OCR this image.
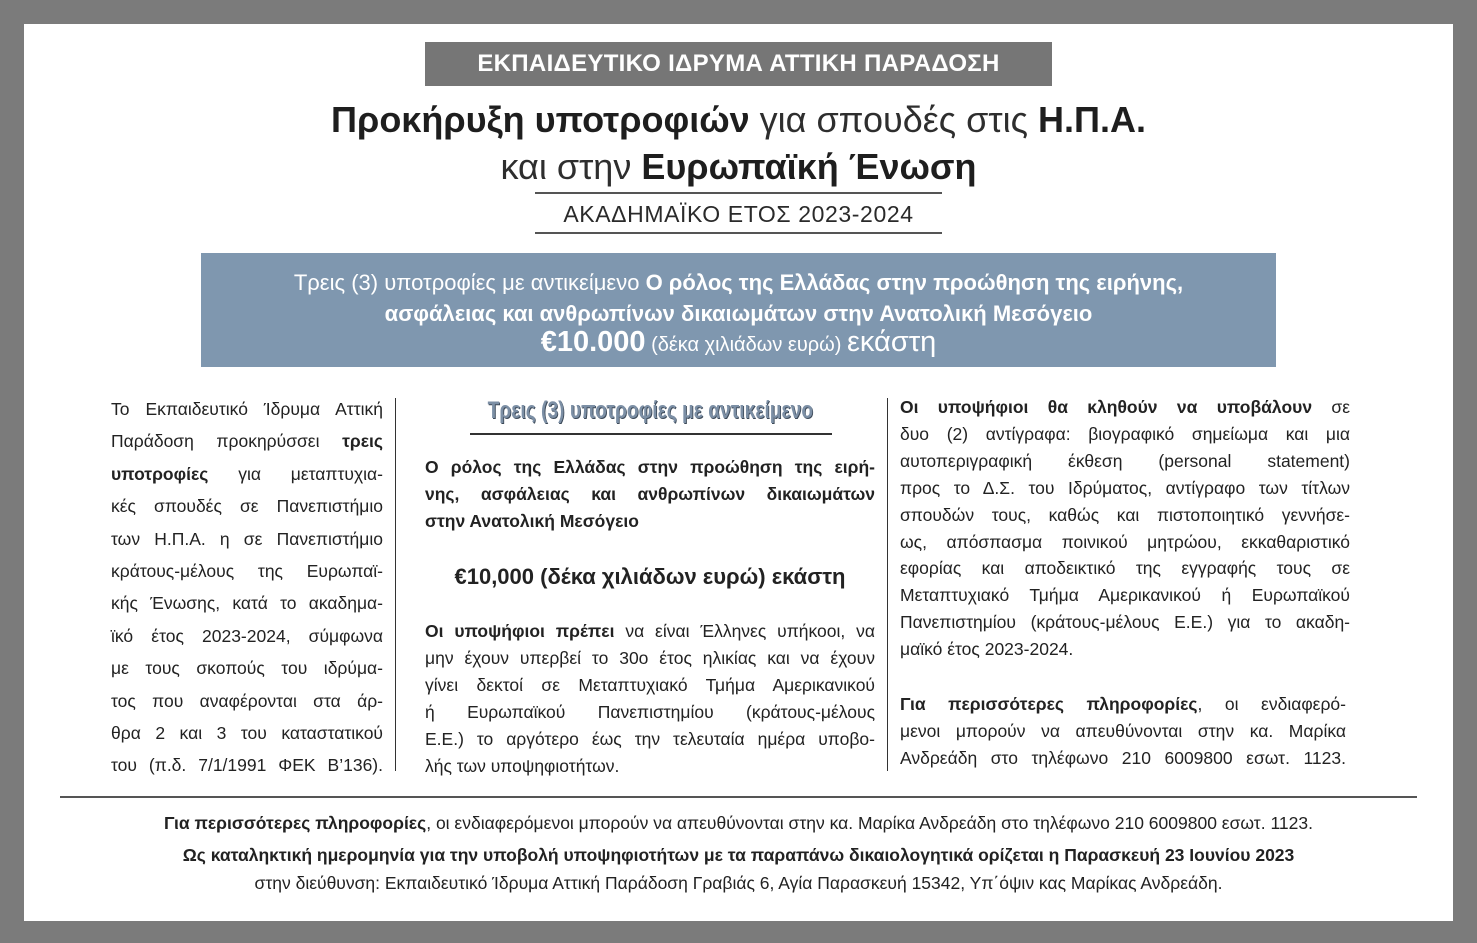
ΕΚΠΑΙΔΕΥΤΙΚΟ ΙΔΡΥΜΑ ΑΤΤΙΚΗ ΠΑΡΑΔΟΣΗ
Προκήρυξη υποτροφιών για σπουδές στις Η.Π.Α.
και στην Ευρωπαϊκή Ένωση
ΑΚΑΔΗΜΑΪΚΟ ΕΤΟΣ 2023-2024
Τρεις (3) υποτροφίες με αντικείμενο Ο ρόλος της Ελλάδας στην προώθηση της ειρήνης,
ασφάλειας και ανθρωπίνων δικαιωμάτων στην Ανατολική Μεσόγειο
€10.000 (δέκα χιλιάδων ευρώ) εκάστη
Το Εκπαιδευτικό Ίδρυμα Αττική
Παράδοση προκηρύσσει τρεις
υποτροφίες για μεταπτυχια-
κές σπουδές σε Πανεπιστήμιο
των Η.Π.Α. η σε Πανεπιστήμιο
κράτους-μέλους της Ευρωπαϊ-
κής Ένωσης, κατά το ακαδημα-
ϊκό έτος 2023-2024, σύμφωνα
με τους σκοπούς του ιδρύμα-
τος που αναφέρονται στα άρ-
θρα 2 και 3 του καταστατικού
του (π.δ. 7/1/1991 ΦΕΚ Β’136).
Τρεις (3) υποτροφίες με αντικείμενο
Ο ρόλος της Ελλάδας στην προώθηση της ειρή-
νης, ασφάλειας και ανθρωπίνων δικαιωμάτων
στην Ανατολική Μεσόγειο
€10,000 (δέκα χιλιάδων ευρώ) εκάστη
Οι υποψήφιοι πρέπει να είναι Έλληνες υπήκοοι, να
μην έχουν υπερβεί το 30ο έτος ηλικίας και να έχουν
γίνει δεκτοί σε Μεταπτυχιακό Τμήμα Αμερικανικού
ή Ευρωπαϊκού Πανεπιστημίου (κράτους-μέλους
Ε.Ε.) το αργότερο έως την τελευταία ημέρα υποβο-
λής των υποψηφιοτήτων.
Οι υποψήφιοι θα κληθούν να υποβάλουν σε
δυο (2) αντίγραφα: βιογραφικό σημείωμα και μια
αυτοπεριγραφική έκθεση (personal statement)
προς το Δ.Σ. του Ιδρύματος, αντίγραφο των τίτλων
σπουδών τους, καθώς και πιστοποιητικό γεννήσε-
ως, απόσπασμα ποινικού μητρώου, εκκαθαριστικό
εφορίας και αποδεικτικό της εγγραφής τους σε
Μεταπτυχιακό Τμήμα Αμερικανικού ή Ευρωπαϊκού
Πανεπιστημίου (κράτους-μέλους Ε.Ε.) για το ακαδη-
μαϊκό έτος 2023-2024.
Για περισσότερες πληροφορίες, οι ενδιαφερό-
μενοι μπορούν να απευθύνονται στην κα. Μαρίκα
Ανδρεάδη στο τηλέφωνο 210 6009800 εσωτ. 1123.
Για περισσότερες πληροφορίες, οι ενδιαφερόμενοι μπορούν να απευθύνονται στην κα. Μαρίκα Ανδρεάδη στο τηλέφωνο 210 6009800 εσωτ. 1123.
Ως καταληκτική ημερομηνία για την υποβολή υποψηφιοτήτων με τα παραπάνω δικαιολογητικά ορίζεται η Παρασκευή 23 Ιουνίου 2023
στην διεύθυνση: Εκπαιδευτικό Ίδρυμα Αττική Παράδοση Γραβιάς 6, Αγία Παρασκευή 15342, Υπ΄όψιν κας Μαρίκας Ανδρεάδη.
